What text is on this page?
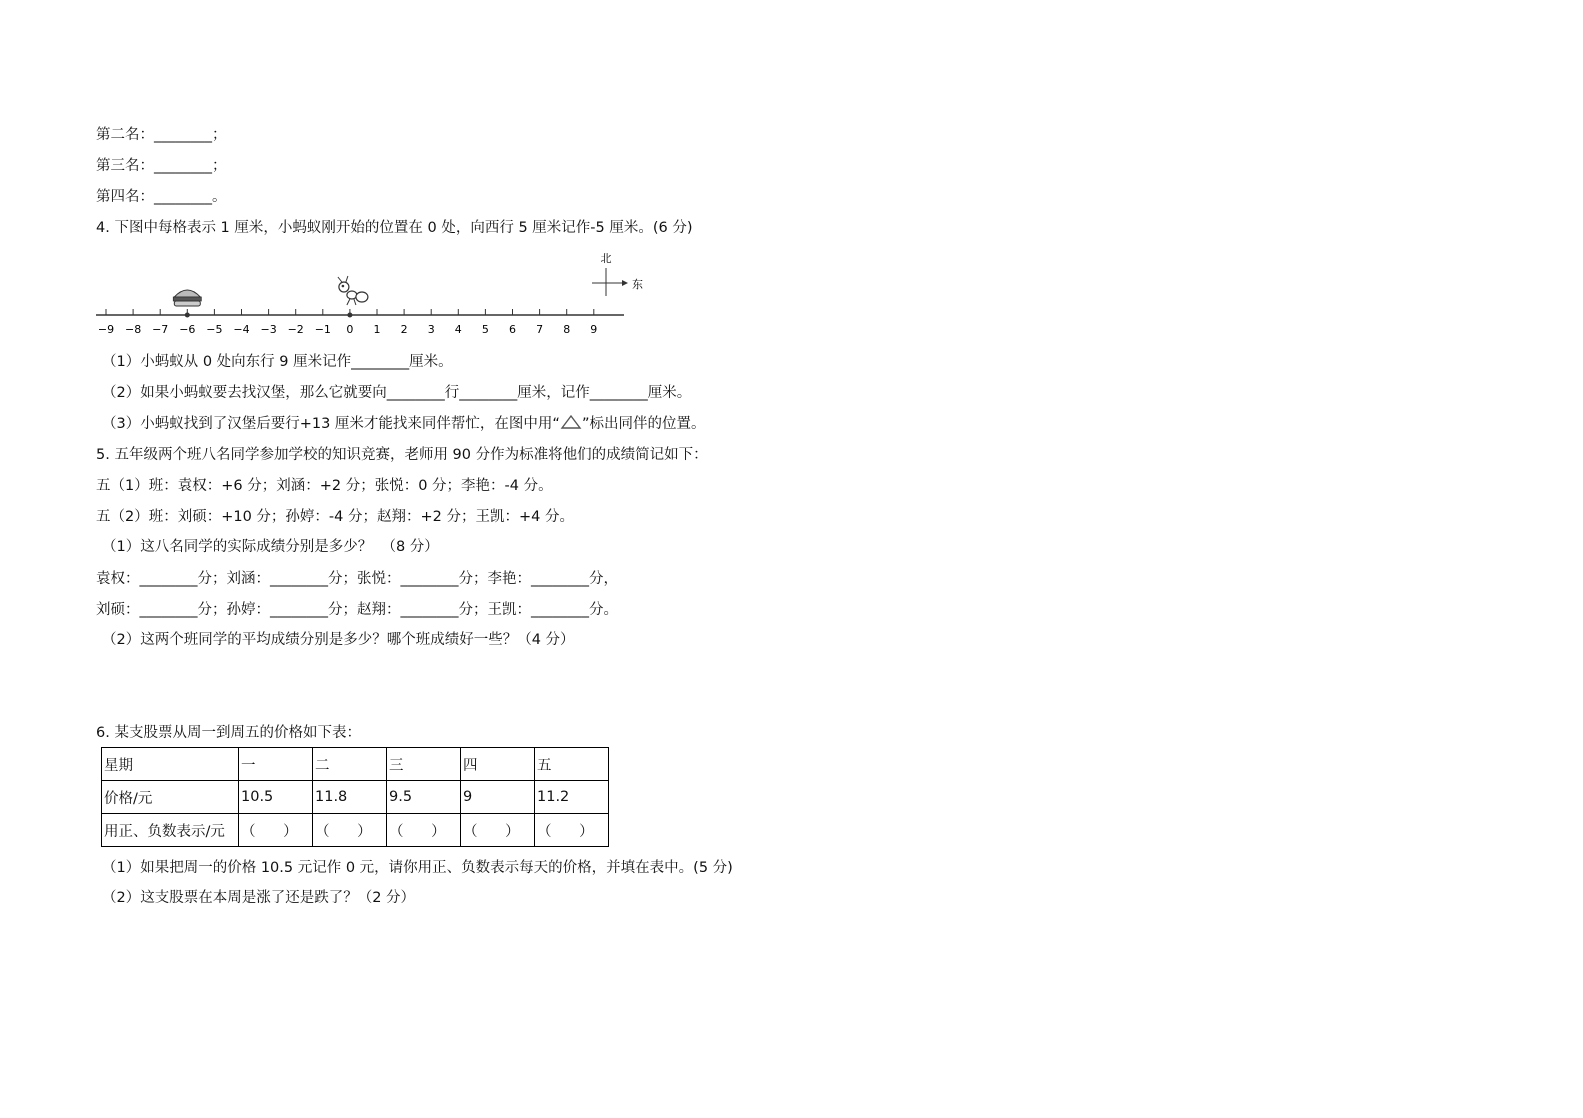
第二名：________；
第三名：________；
第四名：________。
4. 下图中每格表示 1 厘米，小蚂蚁刚开始的位置在 0 处，向西行 5 厘米记作-5 厘米。(6 分)
−9 −8 −7 −6 −5 −4 −3 −2 −1 0 1 2 3 4 5 6 7 8 9
北
东
（1）小蚂蚁从 0 处向东行 9 厘米记作________厘米。
（2）如果小蚂蚁要去找汉堡，那么它就要向________行________厘米，记作________厘米。
（3）小蚂蚁找到了汉堡后要行+13 厘米才能找来同伴帮忙，在图中用“ ”标出同伴的位置。
5. 五年级两个班八名同学参加学校的知识竞赛，老师用 90 分作为标准将他们的成绩简记如下：
五（1）班：袁权：+6 分；刘涵：+2 分；张悦：0 分；李艳：-4 分。
五（2）班：刘硕：+10 分；孙婷：-4 分；赵翔：+2 分；王凯：+4 分。
（1）这八名同学的实际成绩分别是多少？  （8 分）
袁权：________分；刘涵：________分；张悦：________分；李艳：________分，
刘硕：________分；孙婷：________分；赵翔：________分；王凯：________分。
（2）这两个班同学的平均成绩分别是多少？哪个班成绩好一些？（4 分）
6. 某支股票从周一到周五的价格如下表：
星期	一	二	三	四	五
价格/元	10.5	11.8	9.5	9	11.2
用正、负数表示/元	（      ）	（      ）	（      ）	（      ）	（      ）
（1）如果把周一的价格 10.5 元记作 0 元，请你用正、负数表示每天的价格，并填在表中。(5 分)
（2）这支股票在本周是涨了还是跌了？（2 分）
